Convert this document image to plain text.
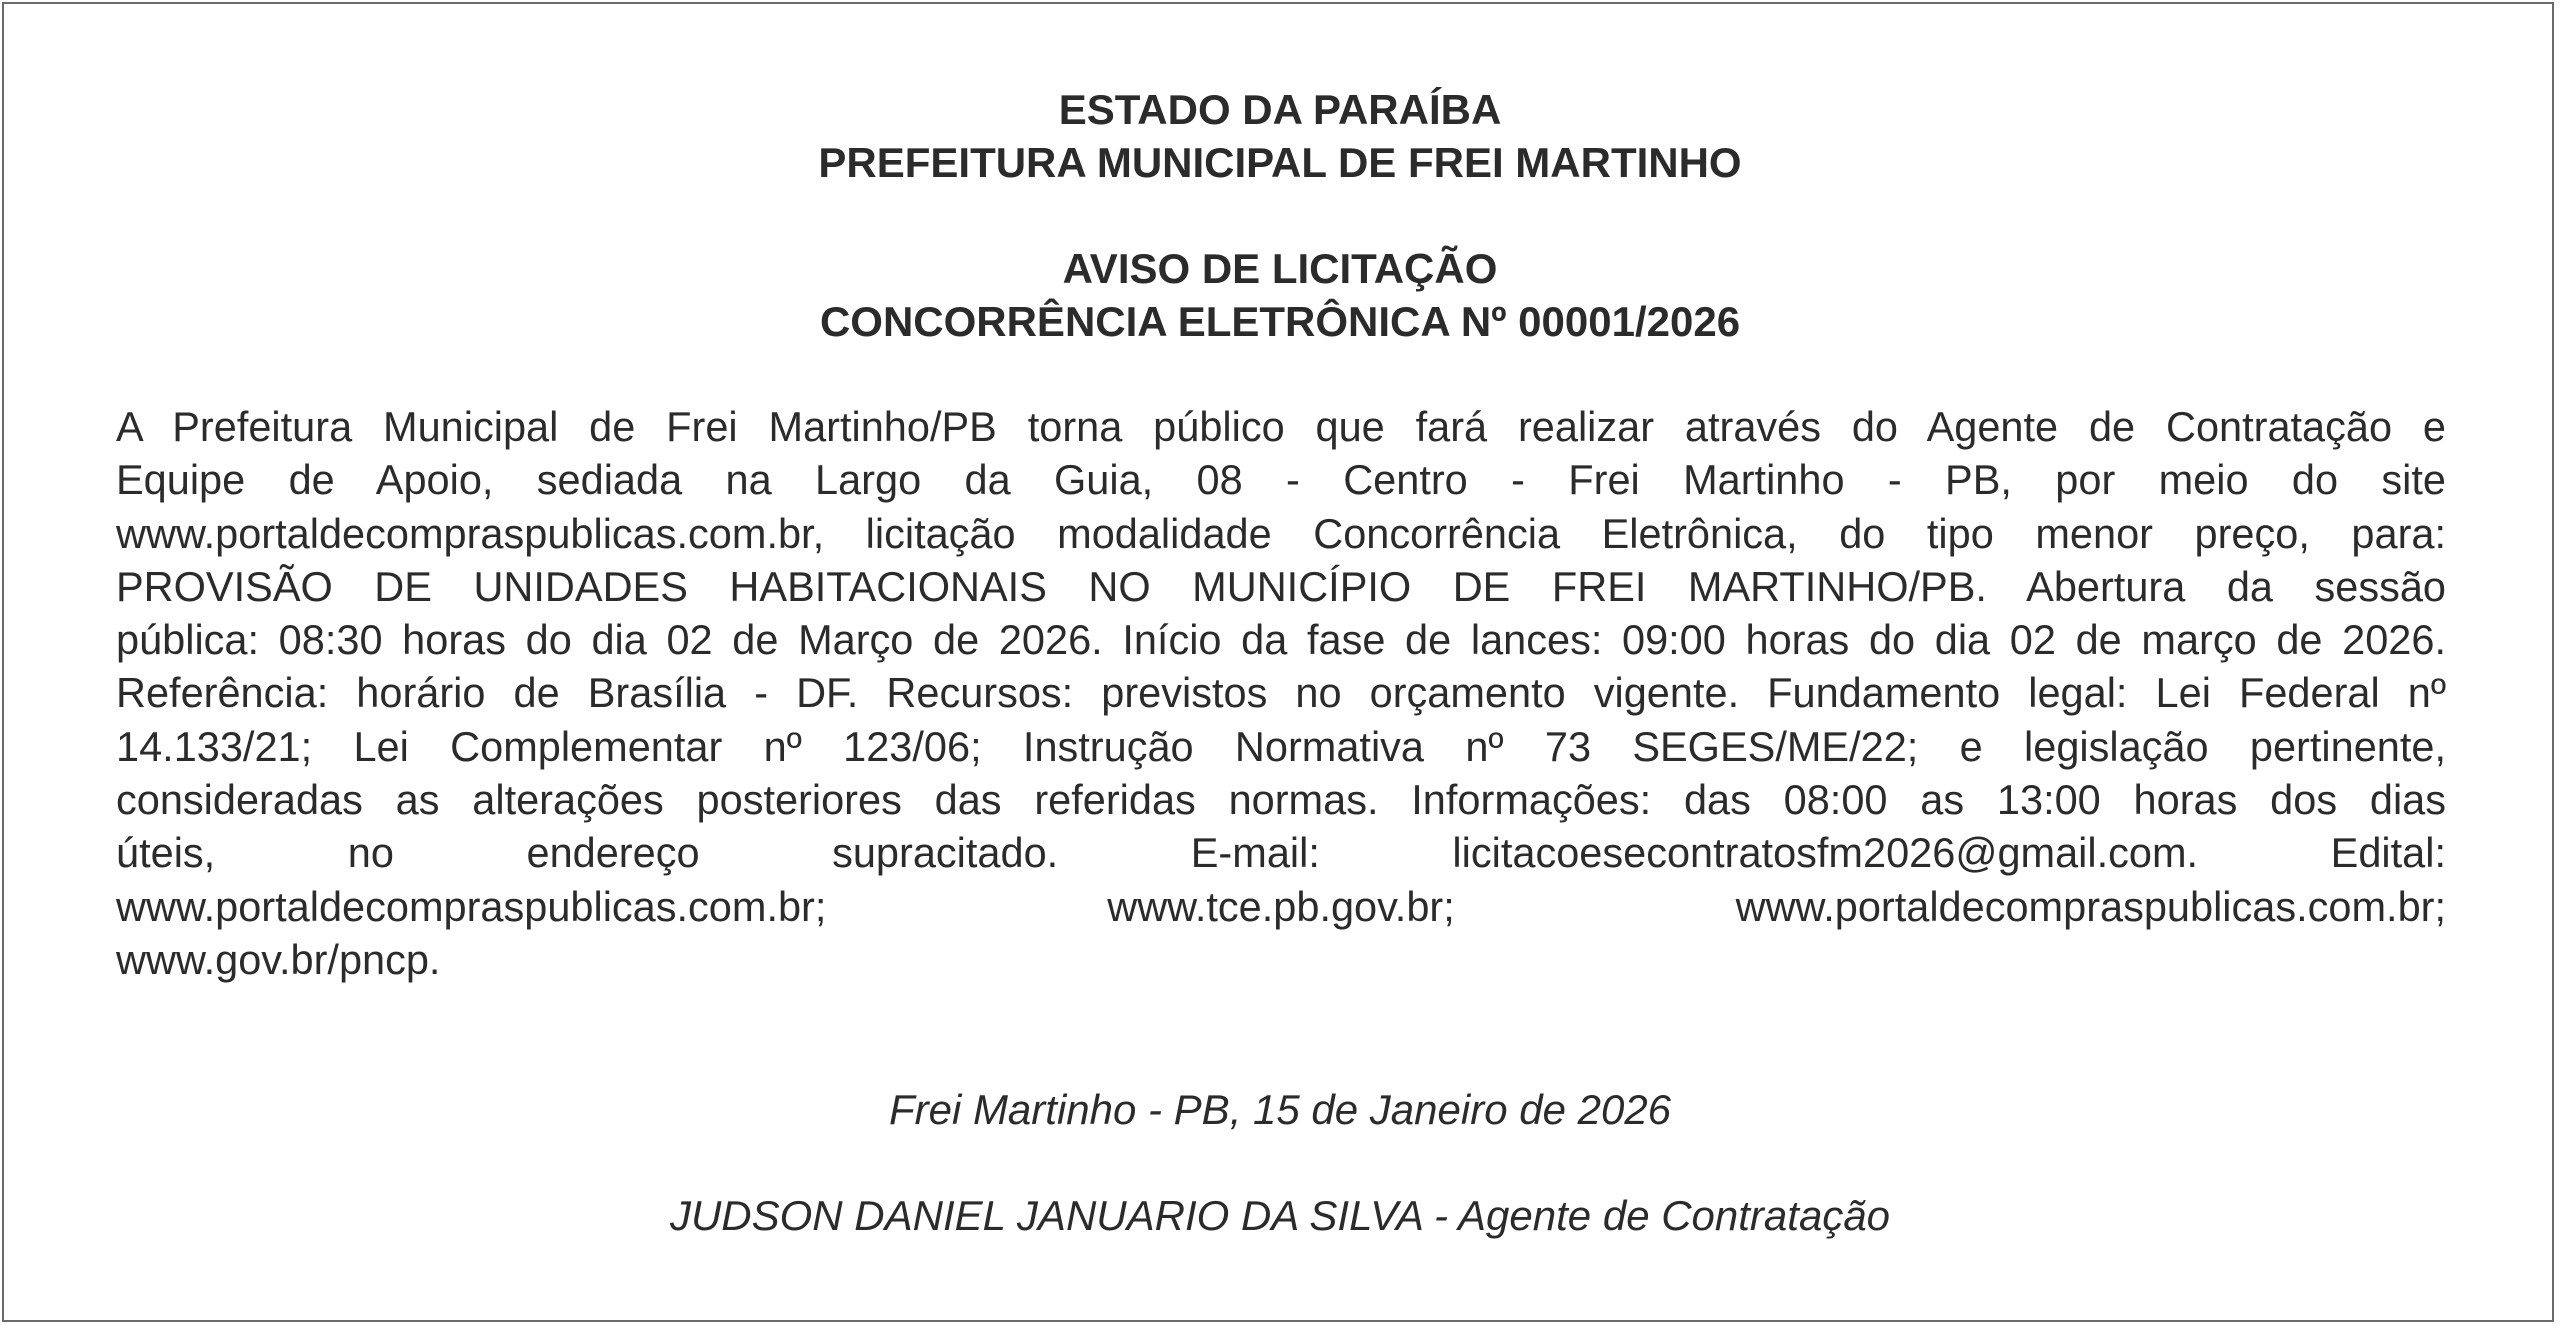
ESTADO DA PARAÍBA
PREFEITURA MUNICIPAL DE FREI MARTINHO
AVISO DE LICITAÇÃO
CONCORRÊNCIA ELETRÔNICA Nº 00001/2026
A Prefeitura Municipal de Frei Martinho/PB torna público que fará realizar através do Agente de Contratação e
Equipe de Apoio, sediada na Largo da Guia, 08 - Centro - Frei Martinho - PB, por meio do site
www.portaldecompraspublicas.com.br, licitação modalidade Concorrência Eletrônica, do tipo menor preço, para:
PROVISÃO DE UNIDADES HABITACIONAIS NO MUNICÍPIO DE FREI MARTINHO/PB. Abertura da sessão
pública: 08:30 horas do dia 02 de Março de 2026. Início da fase de lances: 09:00 horas do dia 02 de março de 2026.
Referência: horário de Brasília - DF. Recursos: previstos no orçamento vigente. Fundamento legal: Lei Federal nº
14.133/21; Lei Complementar nº 123/06; Instrução Normativa nº 73 SEGES/ME/22; e legislação pertinente,
consideradas as alterações posteriores das referidas normas. Informações: das 08:00 as 13:00 horas dos dias
úteis, no endereço supracitado. E-mail: licitacoesecontratosfm2026@gmail.com. Edital:
www.portaldecompraspublicas.com.br; www.tce.pb.gov.br; www.portaldecompraspublicas.com.br;
www.gov.br/pncp.
Frei Martinho - PB, 15 de Janeiro de 2026
JUDSON DANIEL JANUARIO DA SILVA - Agente de Contratação
